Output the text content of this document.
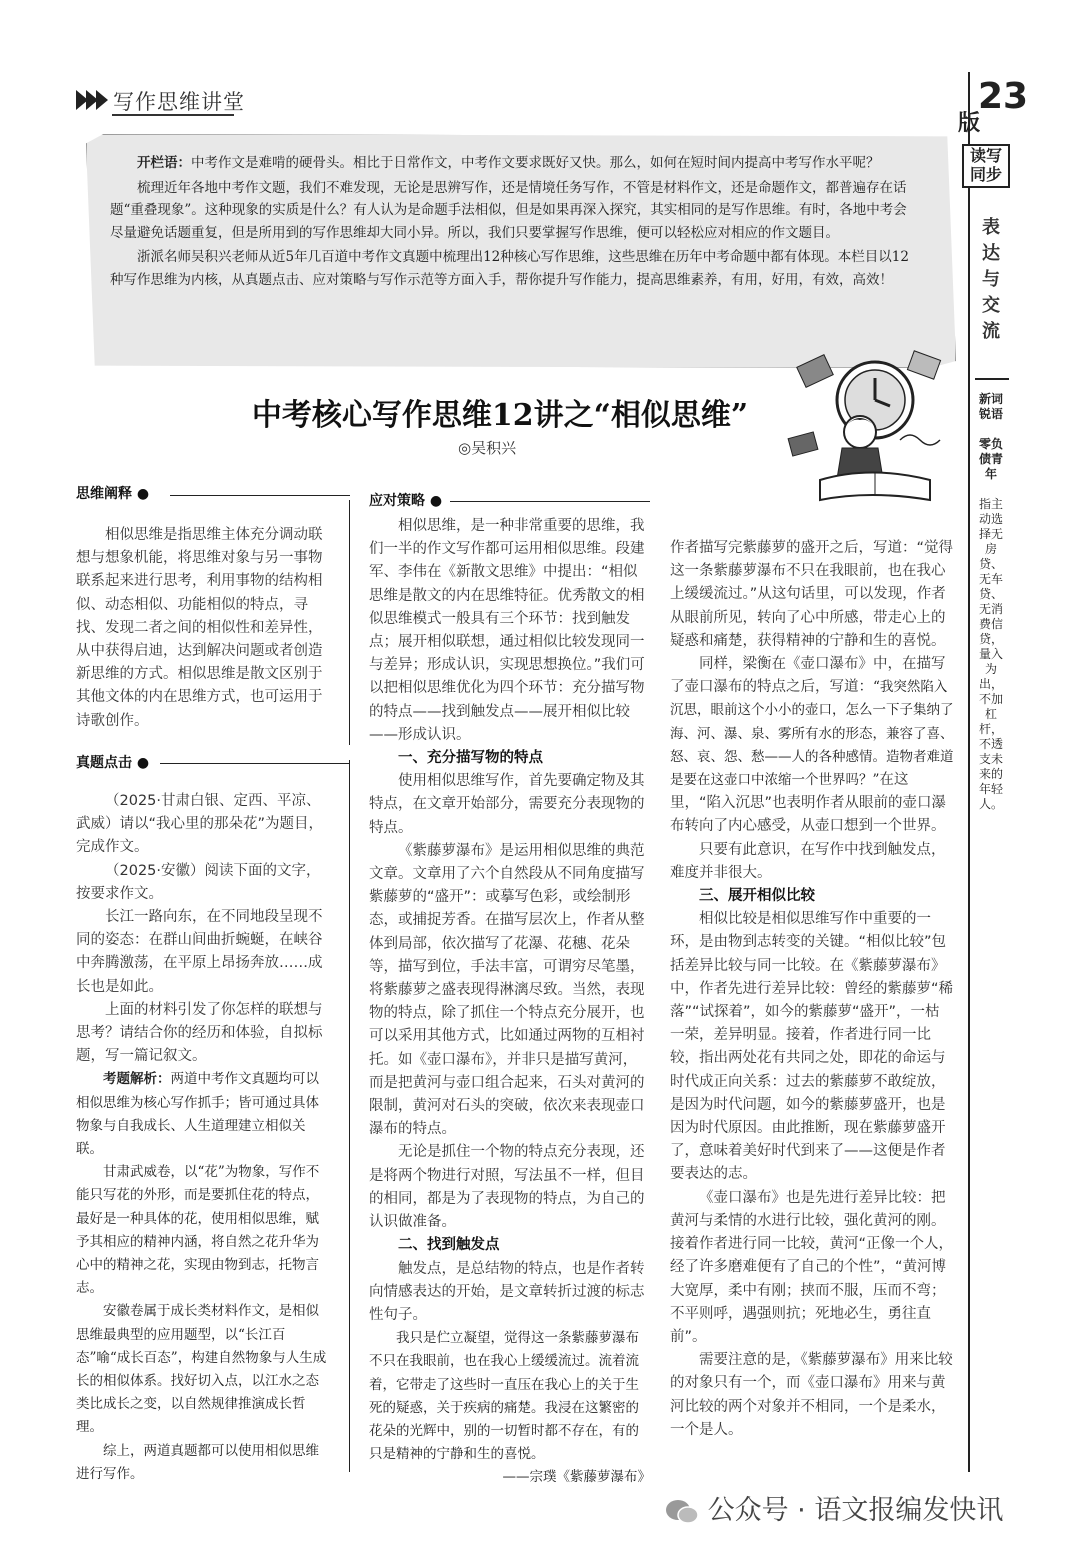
写作思维讲堂	23
版
读写同步
表达与交流
新词锐语

零负债青年

指主动选择无房贷、无车贷、无消费信贷，量入为出，不加杠杆，不透支未来的年轻人。

开栏语：中考作文是难啃的硬骨头。相比于日常作文，中考作文要求既好又快。那么，如何在短时间内提高中考写作水平呢？

梳理近年各地中考作文题，我们不难发现，无论是思辨写作，还是情境任务写作，不管是材料作文，还是命题作文，都普遍存在话题“重叠现象”。这种现象的实质是什么？有人认为是命题手法相似，但是如果再深入探究，其实相同的是写作思维。有时，各地中考会尽量避免话题重复，但是所用到的写作思维却大同小异。所以，我们只要掌握写作思维，便可以轻松应对相应的作文题目。

浙派名师吴积兴老师从近5年几百道中考作文真题中梳理出12种核心写作思维，这些思维在历年中考命题中都有体现。本栏目以12种写作思维为内核，从真题点击、应对策略与写作示范等方面入手，帮你提升写作能力，提高思维素养，有用，好用，有效，高效！

中考核心写作思维12讲之“相似思维”
◎吴积兴
思维阐释 ●

相似思维是指思维主体充分调动联想与想象机能，将思维对象与另一事物联系起来进行思考，利用事物的结构相似、动态相似、功能相似的特点，寻找、发现二者之间的相似性和差异性，从中获得启迪，达到解决问题或者创造新思维的方式。相似思维是散文区别于其他文体的内在思维方式，也可运用于诗歌创作。

真题点击 ●

（2025·甘肃白银、定西、平凉、武威）请以“我心里的那朵花”为题目，完成作文。

（2025·安徽）阅读下面的文字，按要求作文。

长江一路向东，在不同地段呈现不同的姿态：在群山间曲折蜿蜒，在峡谷中奔腾激荡，在平原上昂扬奔放……成长也是如此。

上面的材料引发了你怎样的联想与思考？请结合你的经历和体验，自拟标题，写一篇记叙文。

考题解析：两道中考作文真题均可以相似思维为核心写作抓手；皆可通过具体物象与自我成长、人生道理建立相似关联。

甘肃武威卷，以“花”为物象，写作不能只写花的外形，而是要抓住花的特点，最好是一种具体的花，使用相似思维，赋予其相应的精神内涵，将自然之花升华为心中的精神之花，实现由物到志，托物言志。

安徽卷属于成长类材料作文，是相似思维最典型的应用题型，以“长江百态”喻“成长百态”，构建自然物象与人生成长的相似体系。找好切入点，以江水之态类比成长之变，以自然规律推演成长哲理。

综上，两道真题都可以使用相似思维进行写作。

应对策略 ●

相似思维，是一种非常重要的思维，我们一半的作文写作都可运用相似思维。段建军、李伟在《新散文思维》中提出：“相似思维是散文的内在思维特征。优秀散文的相似思维模式一般具有三个环节：找到触发点；展开相似联想，通过相似比较发现同一与差异；形成认识，实现思想换位。”我们可以把相似思维优化为四个环节：充分描写物的特点——找到触发点——展开相似比较——形成认识。

一、充分描写物的特点

使用相似思维写作，首先要确定物及其特点，在文章开始部分，需要充分表现物的特点。

《紫藤萝瀑布》是运用相似思维的典范文章。文章用了六个自然段从不同角度描写紫藤萝的“盛开”：或摹写色彩，或绘制形态，或捕捉芳香。在描写层次上，作者从整体到局部，依次描写了花瀑、花穗、花朵等，描写到位，手法丰富，可谓穷尽笔墨，将紫藤萝之盛表现得淋漓尽致。当然，表现物的特点，除了抓住一个特点充分展开，也可以采用其他方式，比如通过两物的互相衬托。如《壶口瀑布》，并非只是描写黄河，而是把黄河与壶口组合起来，石头对黄河的限制，黄河对石头的突破，依次来表现壶口瀑布的特点。

无论是抓住一个物的特点充分表现，还是将两个物进行对照，写法虽不一样，但目的相同，都是为了表现物的特点，为自己的认识做准备。

二、找到触发点

触发点，是总结物的特点，也是作者转向情感表达的开始，是文章转折过渡的标志性句子。

我只是伫立凝望，觉得这一条紫藤萝瀑布不只在我眼前，也在我心上缓缓流过。流着流着，它带走了这些时一直压在我心上的关于生死的疑惑，关于疾病的痛楚。我浸在这繁密的花朵的光辉中，别的一切暂时都不存在，有的只是精神的宁静和生的喜悦。

——宗璞《紫藤萝瀑布》

作者描写完紫藤萝的盛开之后，写道：“觉得这一条紫藤萝瀑布不只在我眼前，也在我心上缓缓流过。”从这句话里，可以发现，作者从眼前所见，转向了心中所感，带走心上的疑惑和痛楚，获得精神的宁静和生的喜悦。

同样，梁衡在《壶口瀑布》中，在描写了壶口瀑布的特点之后，写道：“我突然陷入沉思，眼前这个小小的壶口，怎么一下子集纳了海、河、瀑、泉、雾所有水的形态，兼容了喜、怒、哀、怨、愁——人的各种感情。造物者难道是要在这壶口中浓缩一个世界吗？”在这里，“陷入沉思”也表明作者从眼前的壶口瀑布转向了内心感受，从壶口想到一个世界。

只要有此意识，在写作中找到触发点，难度并非很大。

三、展开相似比较

相似比较是相似思维写作中重要的一环，是由物到志转变的关键。“相似比较”包括差异比较与同一比较。在《紫藤萝瀑布》中，作者先进行差异比较：曾经的紫藤萝“稀落”“试探着”，如今的紫藤萝“盛开”，一枯一荣，差异明显。接着，作者进行同一比较，指出两处花有共同之处，即花的命运与时代成正向关系：过去的紫藤萝不敢绽放，是因为时代问题，如今的紫藤萝盛开，也是因为时代原因。由此推断，现在紫藤萝盛开了，意味着美好时代到来了——这便是作者要表达的志。

《壶口瀑布》也是先进行差异比较：把黄河与柔情的水进行比较，强化黄河的刚。接着作者进行同一比较，黄河“正像一个人，经了许多磨难便有了自己的个性”，“黄河博大宽厚，柔中有刚；挟而不服，压而不弯；不平则呼，遇强则抗；死地必生，勇往直前”。

需要注意的是，《紫藤萝瀑布》用来比较的对象只有一个，而《壶口瀑布》用来与黄河比较的两个对象并不相同，一个是柔水，一个是人。

公众号 · 语文报编发快讯
